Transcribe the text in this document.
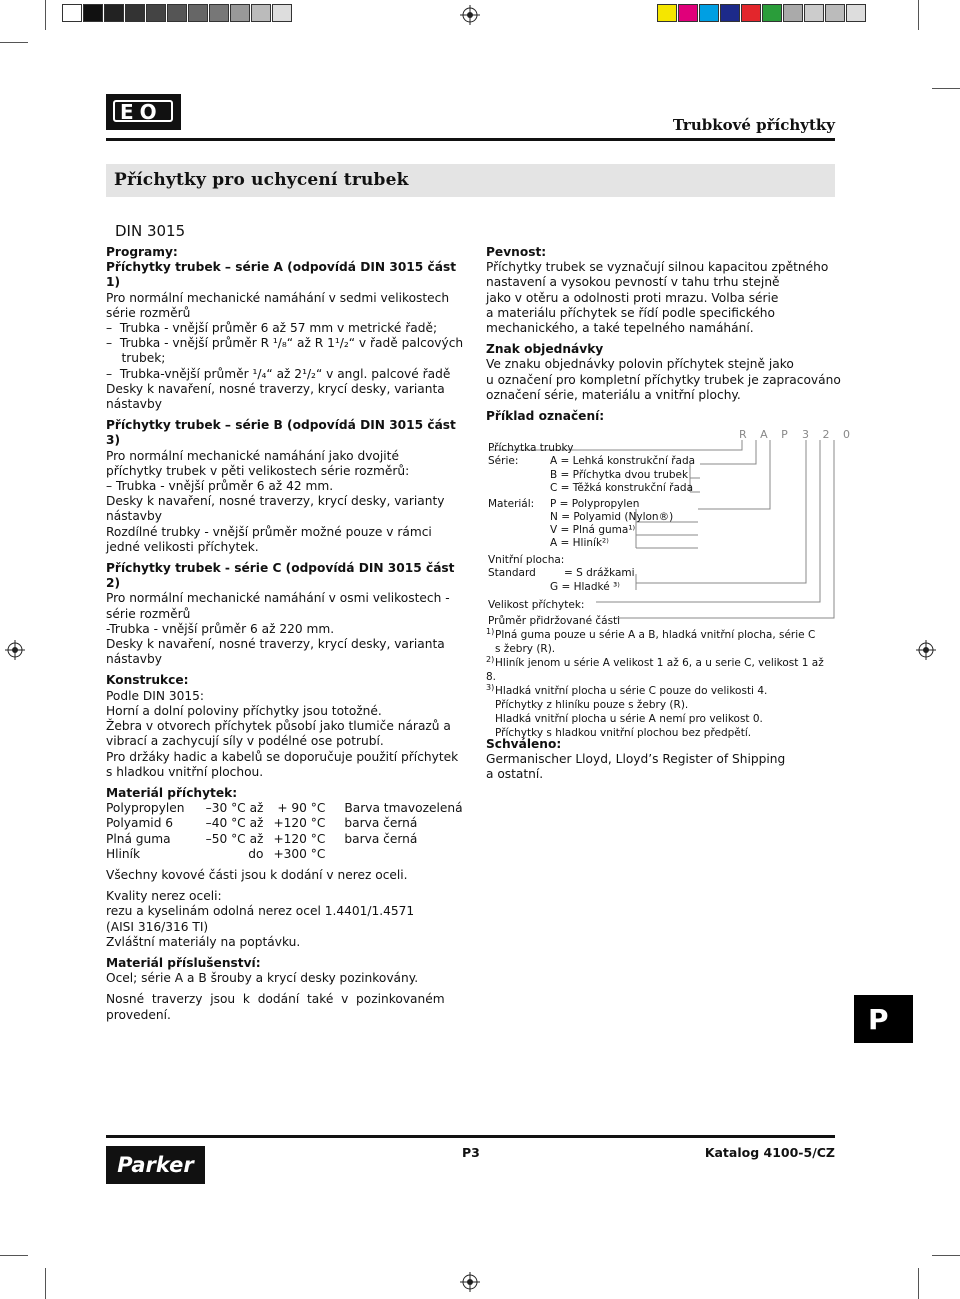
EO
Trubkové příchytky
Příchytky pro uchycení trubek
DIN 3015

Programy:

Příchytky trubek – série A (odpovídá DIN 3015 část 1)

Pro normální mechanické namáhání v sedmi velikostech

série rozměrů

–  Trubka - vnější průměr 6 až 57 mm v metrické řadě;

–  Trubka - vnější průměr R ¹/₈“ až R 1¹/₂“ v řadě palcových

trubek;

–  Trubka-vnější průměr ¹/₄“ až 2¹/₂“ v angl. palcové řadě

Desky k navaření, nosné traverzy, krycí desky, varianta

nástavby

Příchytky trubek – série B (odpovídá DIN 3015 část 3)

Pro normální mechanické namáhání jako dvojité

příchytky trubek v pěti velikostech série rozměrů:

– Trubka - vnější průměr 6 až 42 mm.

Desky k navaření, nosné traverzy, krycí desky, varianty

nástavby

Rozdílné trubky - vnější průměr možné pouze v rámci

jedné velikosti příchytek.

Příchytky trubek - série C (odpovídá DIN 3015 část 2)

Pro normální mechanické namáhání v osmi velikostech -

série rozměrů

-Trubka - vnější průměr 6 až 220 mm.

Desky k navaření, nosné traverzy, krycí desky, varianta

nástavby

Konstrukce:

Podle DIN 3015:

Horní a dolní poloviny příchytky jsou totožné.

Žebra v otvorech příchytek působí jako tlumiče nárazů a

vibrací a zachycují síly v podélné ose potrubí.

Pro držáky hadic a kabelů se doporučuje použití příchytek

s hladkou vnitřní plochou.

Materiál příchytek:

Polypropylen	–30 °C až	+ 90 °C	Barva tmavozelená
Polyamid 6	–40 °C až	+120 °C	barva černá
Plná guma	–50 °C až	+120 °C	barva černá
Hliník	do	+300 °C	

Všechny kovové části jsou k dodání v nerez oceli.

Kvality nerez oceli:

rezu a kyselinám odolná nerez ocel 1.4401/1.4571

(AISI 316/316 TI)

Zvláštní materiály na poptávku.

Materiál příslušenství:

Ocel; série A a B šrouby a krycí desky pozinkovány.

Nosné  traverzy  jsou  k  dodání  také  v  pozinkovaném

provedení.

Pevnost:

Příchytky trubek se vyznačují silnou kapacitou zpětného

nastavení a vysokou pevností v tahu trhu stejně

jako v otěru a odolnosti proti mrazu. Volba série

a materiálu příchytek se řídí podle specifického

mechanického, a také tepelného namáhání.

Znak objednávky

Ve znaku objednávky polovin příchytek stejně jako

u označení pro kompletní příchytky trubek je zapracováno

označení série, materiálu a vnitřní plochy.

Příklad označení:

R A P 3 2 0
Příchytka trubky
Série:	A = Lehká konstrukční řada
B = Příchytka dvou trubek
C = Těžká konstrukční řada
Materiál: P = Polypropylen
N = Polyamid (Nylon®)
V = Plná guma¹⁾
A = Hliník²⁾
Vnitřní plocha:
Standard	= S drážkami
G = Hladké ³⁾
Velikost příchytek:
Průměr přidržované části

$^{1)}$Plná guma pouze u série A a B, hladká vnitřní plocha, série C

s žebry (R).

$^{2)}$Hliník jenom u série A velikost 1 až 6, a u serie C, velikost 1 až 8.

$^{3)}$Hladká vnitřní plocha u série C pouze do velikosti 4.

Příchytky z hliníku pouze s žebry (R).

Hladká vnitřní plocha u série A nemí pro velikost 0.

Příchytky s hladkou vnitřní plochou bez předpětí.

Schváleno:

Germanischer Lloyd, Lloyd’s Register of Shipping

a ostatní.

P
Parker
P3	Katalog 4100-5/CZ
